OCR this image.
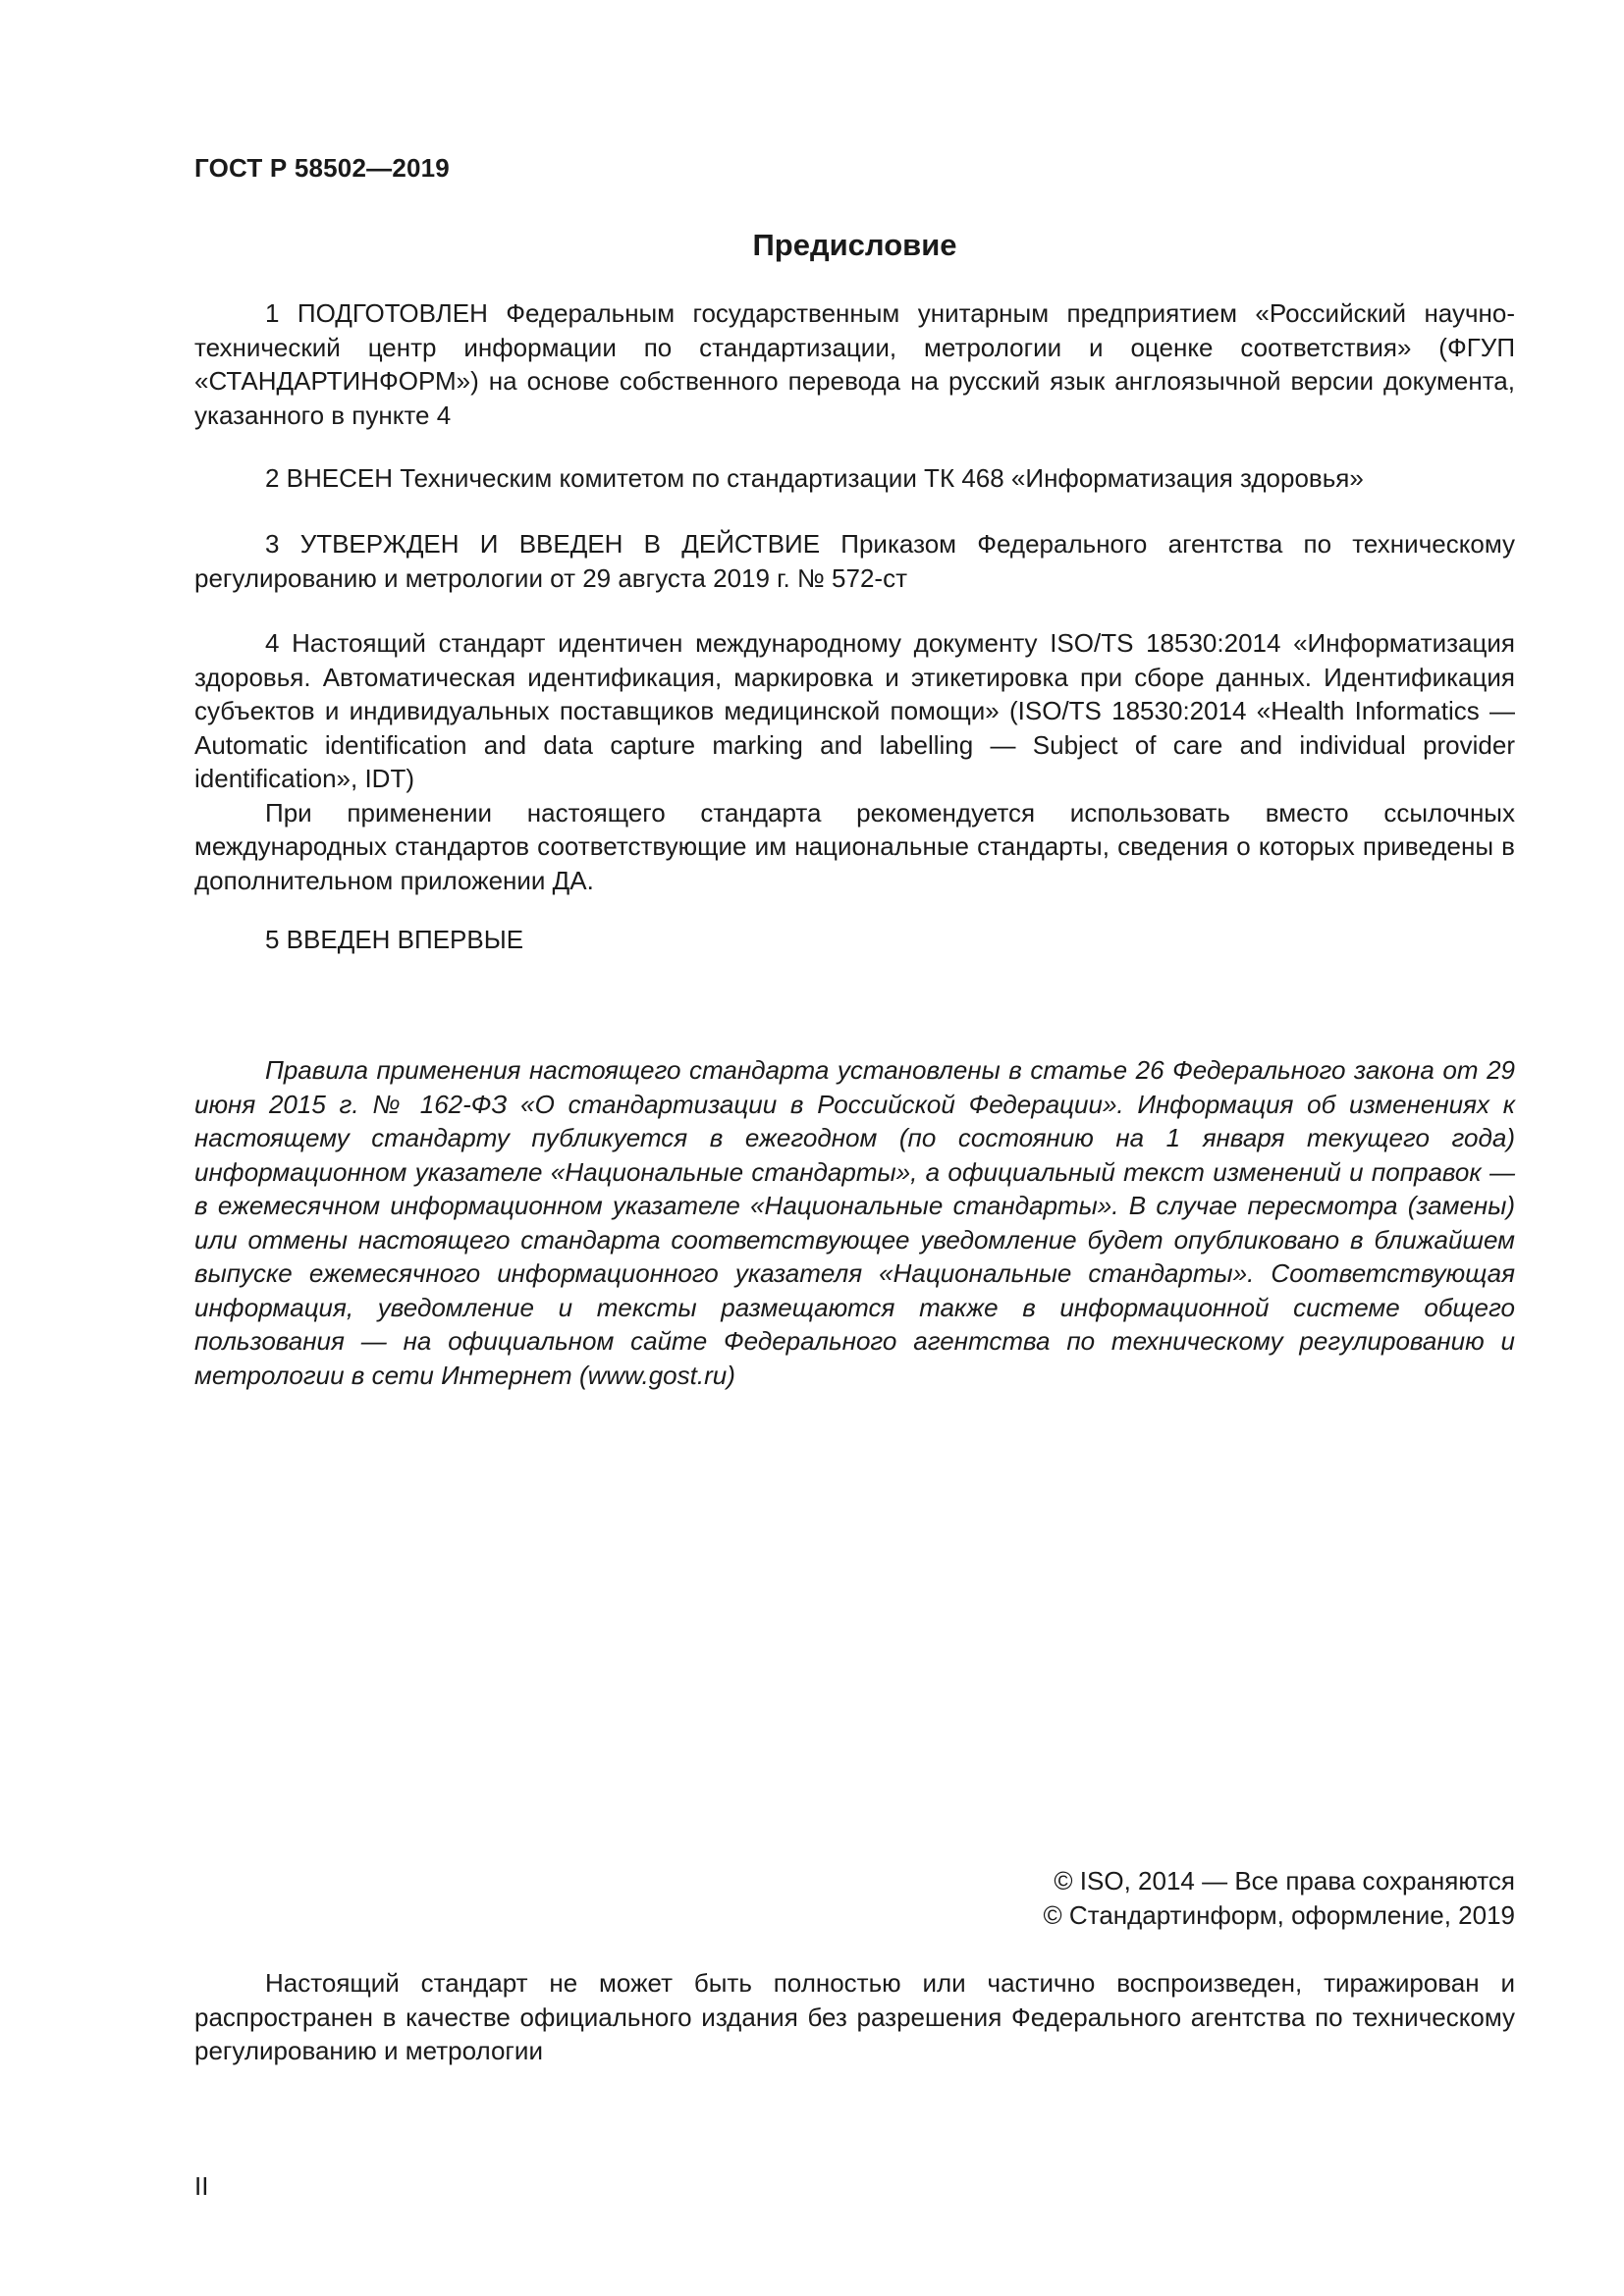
ГОСТ Р 58502—2019
Предисловие

1 ПОДГОТОВЛЕН Федеральным государственным унитарным предприятием «Российский научно-технический центр информации по стандартизации, метрологии и оценке соответствия» (ФГУП «СТАНДАРТИНФОРМ») на основе собственного перевода на русский язык англоязычной версии документа, указанного в пункте 4

2 ВНЕСЕН Техническим комитетом по стандартизации ТК 468 «Информатизация здоровья»

3 УТВЕРЖДЕН И ВВЕДЕН В ДЕЙСТВИЕ Приказом Федерального агентства по техническому регулированию и метрологии от 29 августа 2019 г. № 572-ст

4 Настоящий стандарт идентичен международному документу ISO/TS 18530:2014 «Информатизация здоровья. Автоматическая идентификация, маркировка и этикетировка при сборе данных. Идентификация субъектов и индивидуальных поставщиков медицинской помощи» (ISO/TS 18530:2014 «Health Informatics — Automatic identification and data capture marking and labelling — Subject of care and individual provider identification», IDT)

При применении настоящего стандарта рекомендуется использовать вместо ссылочных международных стандартов соответствующие им национальные стандарты, сведения о которых приведены в дополнительном приложении ДА.

5 ВВЕДЕН ВПЕРВЫЕ

Правила применения настоящего стандарта установлены в статье 26 Федерального закона от 29 июня 2015 г. № 162-ФЗ «О стандартизации в Российской Федерации». Информация об изменениях к настоящему стандарту публикуется в ежегодном (по состоянию на 1 января текущего года) информационном указателе «Национальные стандарты», а официальный текст изменений и поправок — в ежемесячном информационном указателе «Национальные стандарты». В случае пересмотра (замены) или отмены настоящего стандарта соответствующее уведомление будет опубликовано в ближайшем выпуске ежемесячного информационного указателя «Национальные стандарты». Соответствующая информация, уведомление и тексты размещаются также в информационной системе общего пользования — на официальном сайте Федерального агентства по техническому регулированию и метрологии в сети Интернет (www.gost.ru)

© ISO, 2014 — Все права сохраняются
© Стандартинформ, оформление, 2019

Настоящий стандарт не может быть полностью или частично воспроизведен, тиражирован и распространен в качестве официального издания без разрешения Федерального агентства по техническому регулированию и метрологии

II
